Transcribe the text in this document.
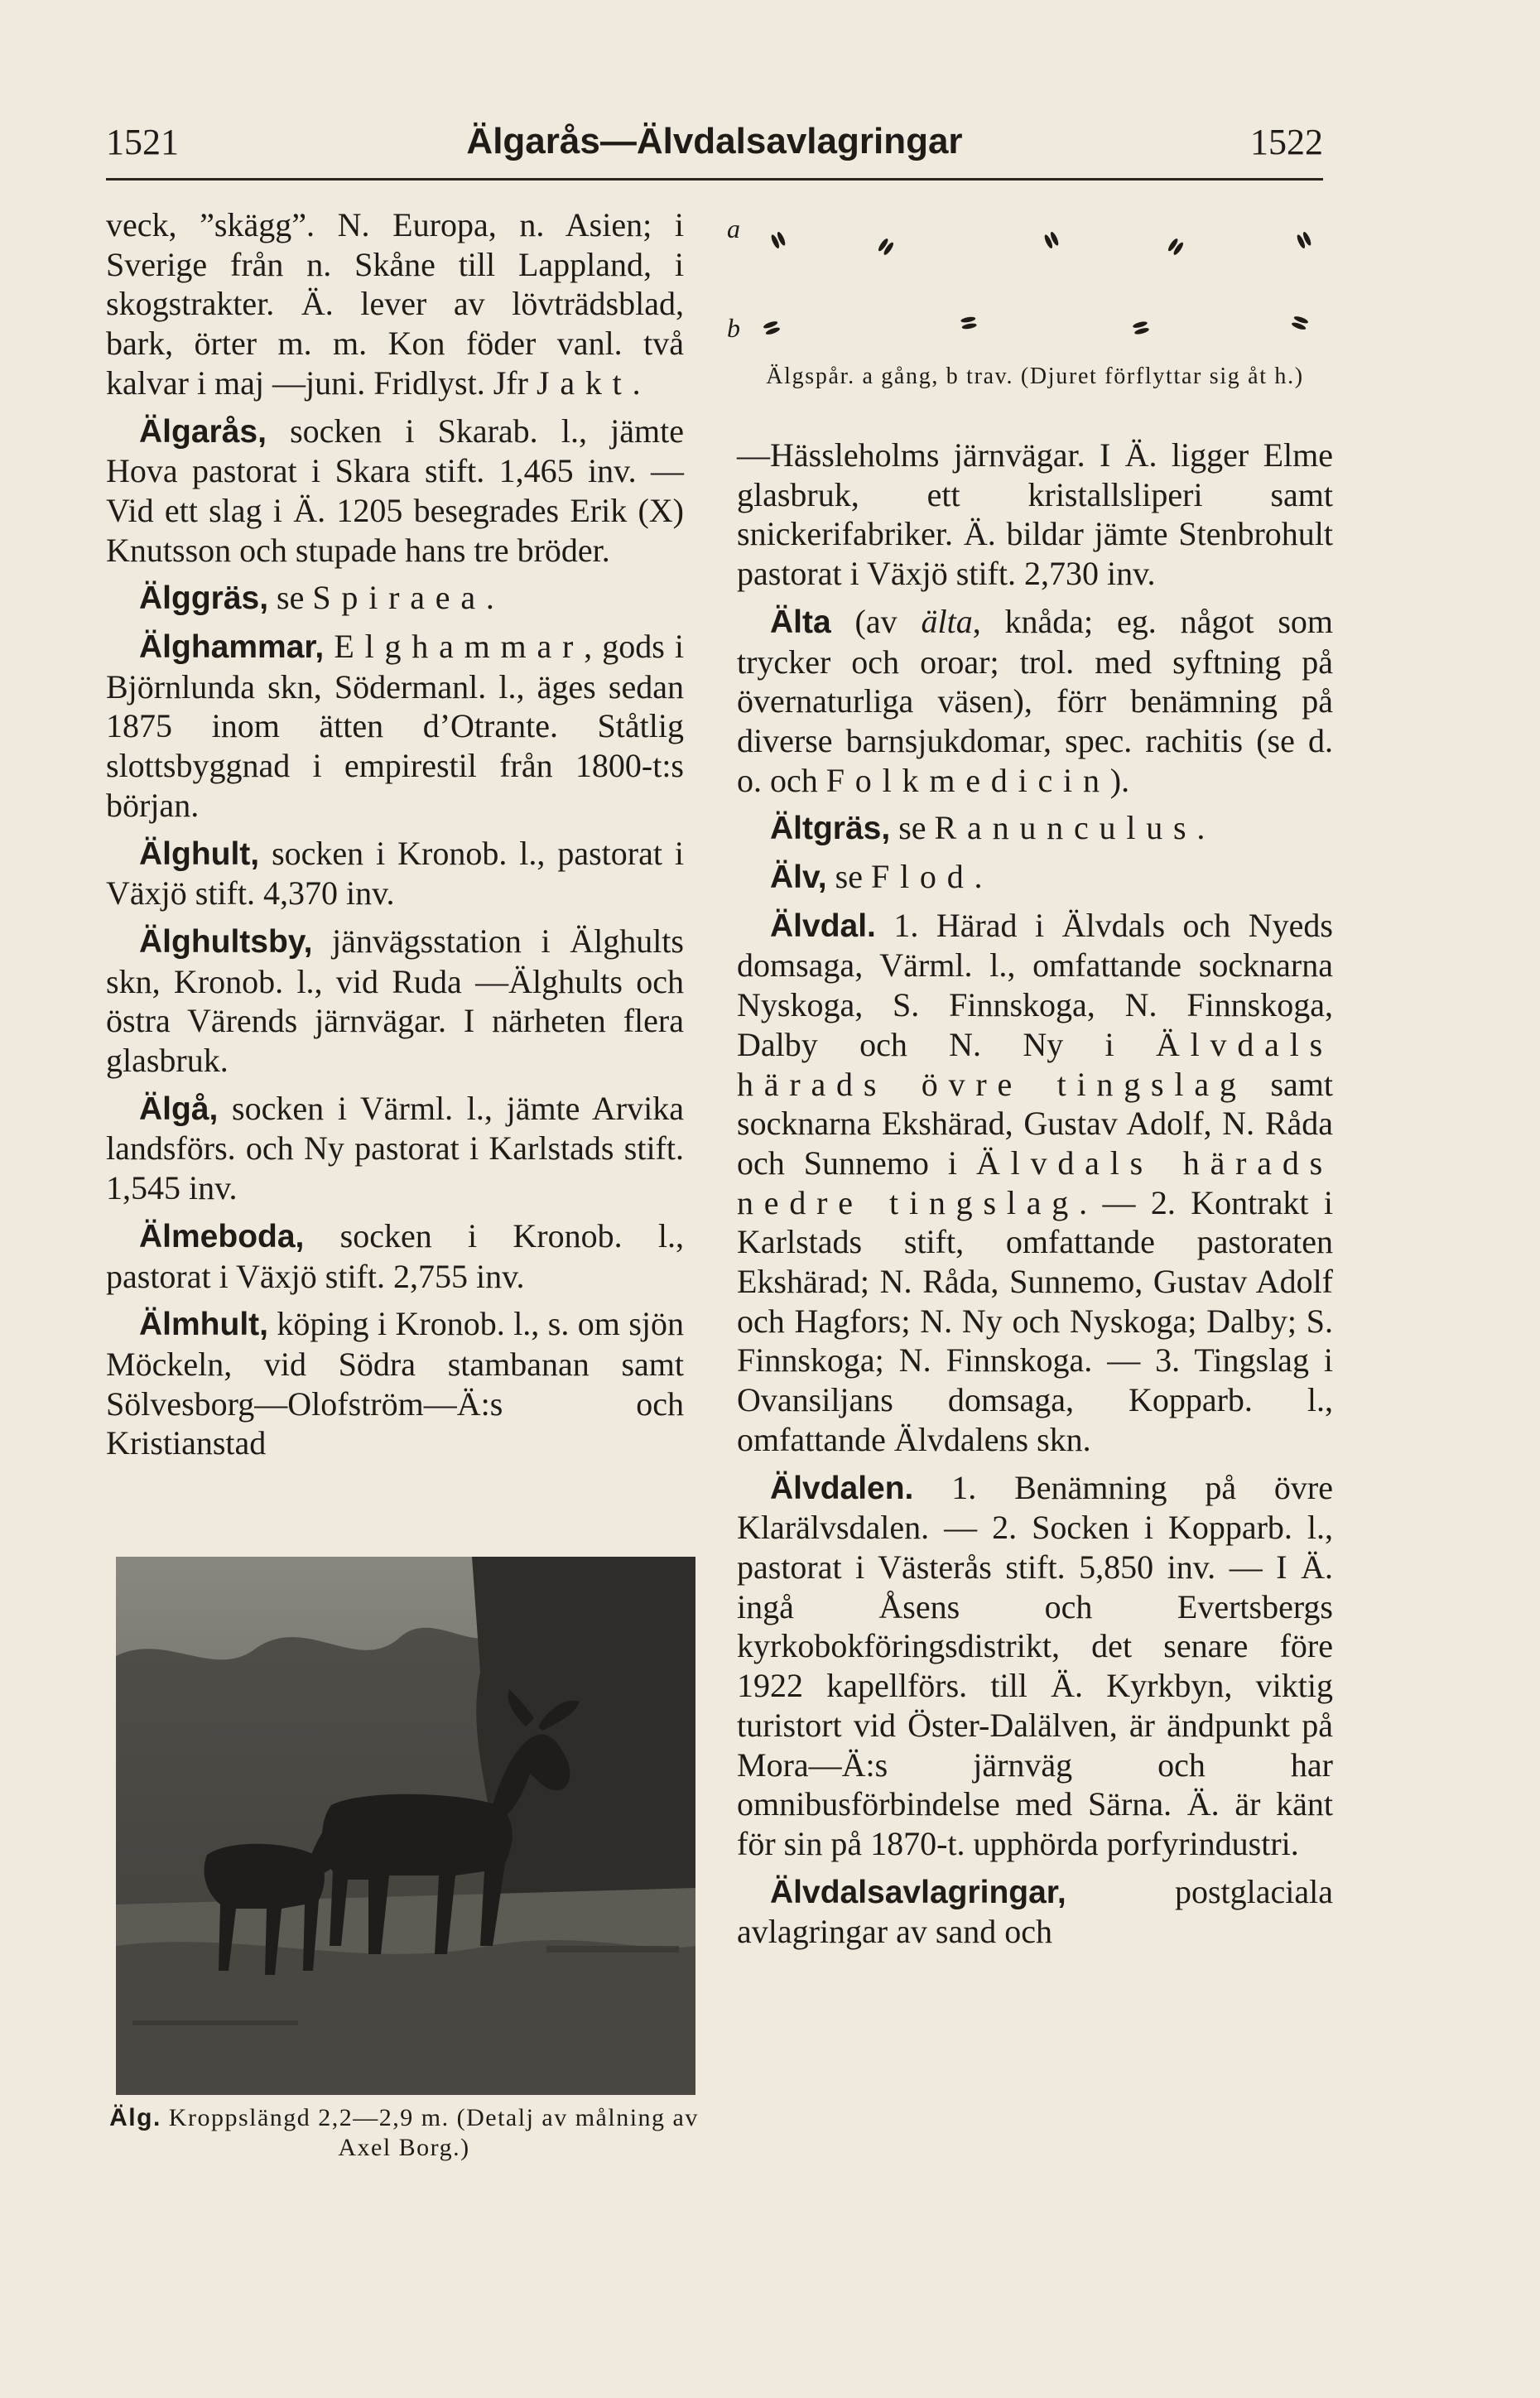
1521	Älgarås—Älvdalsavlagringar	1522

veck, ”skägg”. N. Europa, n. Asien; i Sverige från n. Skåne till Lappland, i skogstrakter. Ä. lever av lövträdsblad, bark, örter m. m. Kon föder vanl. två kalvar i maj —juni. Fridlyst. Jfr Jakt.

Älgarås, socken i Skarab. l., jämte Hova pastorat i Skara stift. 1,465 inv. — Vid ett slag i Ä. 1205 besegrades Erik (X) Knutsson och stupade hans tre bröder.

Älggräs, se Spiraea.

Älghammar, Elghammar, gods i Björnlunda skn, Södermanl. l., äges sedan 1875 inom ätten d’Otrante. Ståtlig slottsbyggnad i empirestil från 1800-t:s början.

Älghult, socken i Kronob. l., pastorat i Växjö stift. 4,370 inv.

Älghultsby, jänvägsstation i Älghults skn, Kronob. l., vid Ruda —Älghults och östra Värends järnvägar. I närheten flera glasbruk.

Älgå, socken i Värml. l., jämte Arvika landsförs. och Ny pastorat i Karlstads stift. 1,545 inv.

Älmeboda, socken i Kronob. l., pastorat i Växjö stift. 2,755 inv.

Älmhult, köping i Kronob. l., s. om sjön Möckeln, vid Södra stambanan samt Sölvesborg—Olofström—Ä:s och Kristianstad

Älg. Kroppslängd 2,2—2,9 m. (Detalj av målning av Axel Borg.)
a
b
Älgspår. a gång, b trav. (Djuret förflyttar sig åt h.)

—Hässleholms järnvägar. I Ä. ligger Elme glasbruk, ett kristallsliperi samt snickerifabriker. Ä. bildar jämte Stenbrohult pastorat i Växjö stift. 2,730 inv.

Älta (av älta, knåda; eg. något som trycker och oroar; trol. med syftning på övernaturliga väsen), förr benämning på diverse barnsjukdomar, spec. rachitis (se d. o. och Folkmedicin).

Ältgräs, se Ranunculus.

Älv, se Flod.

Älvdal. 1. Härad i Älvdals och Nyeds domsaga, Värml. l., omfattande socknarna Nyskoga, S. Finnskoga, N. Finnskoga, Dalby och N. Ny i Älvdals härads övre tingslag samt socknarna Ekshärad, Gustav Adolf, N. Råda och Sunnemo i Älvdals härads nedre tingslag. — 2. Kontrakt i Karlstads stift, omfattande pastoraten Ekshärad; N. Råda, Sunnemo, Gustav Adolf och Hagfors; N. Ny och Nyskoga; Dalby; S. Finnskoga; N. Finnskoga. — 3. Tingslag i Ovansiljans domsaga, Kopparb. l., omfattande Älvdalens skn.

Älvdalen. 1. Benämning på övre Klarälvsdalen. — 2. Socken i Kopparb. l., pastorat i Västerås stift. 5,850 inv. — I Ä. ingå Åsens och Evertsbergs kyrkobokföringsdistrikt, det senare före 1922 kapellförs. till Ä. Kyrkbyn, viktig turistort vid Öster-Dalälven, är ändpunkt på Mora—Ä:s järnväg och har omnibusförbindelse med Särna. Ä. är känt för sin på 1870-t. upphörda porfyrindustri.

Älvdalsavlagringar, postglaciala avlagringar av sand och
